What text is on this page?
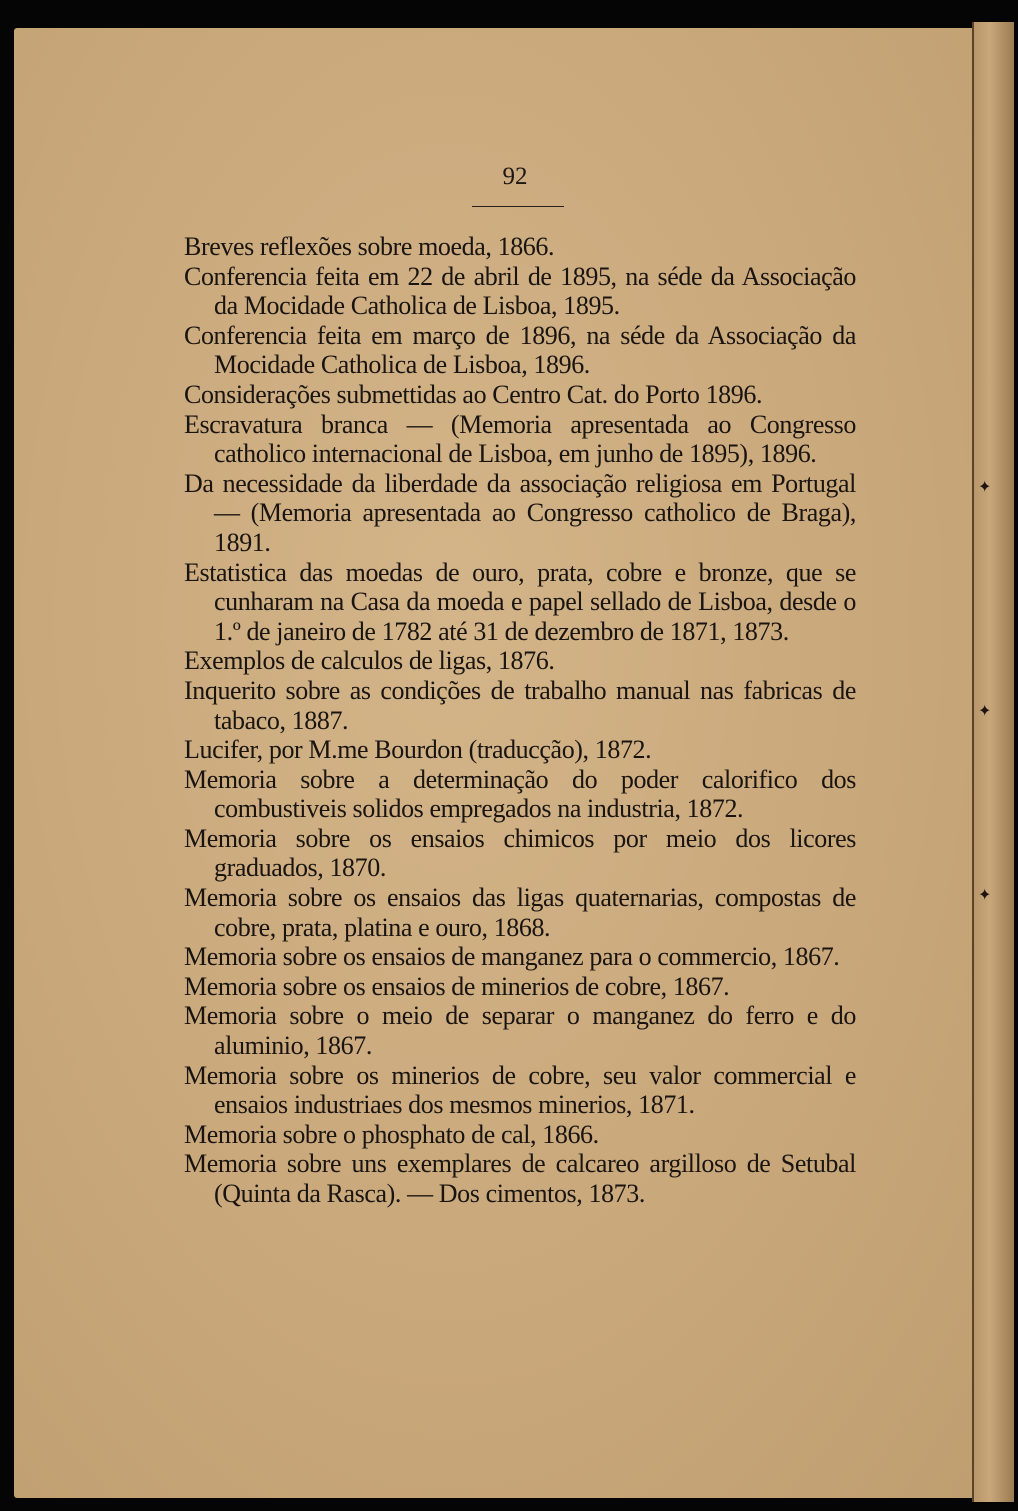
✦
✦
✦
92
Breves reflexões sobre moeda, 1866.
Conferencia feita em 22 de abril de 1895, na séde da Associação da Mocidade Catholica de Lisboa, 1895.
Conferencia feita em março de 1896, na séde da Associação da Mocidade Catholica de Lisboa, 1896.
Considerações submettidas ao Centro Cat. do Porto 1896.
Escravatura branca — (Memoria apresentada ao Congresso catholico internacional de Lisboa, em junho de 1895), 1896.
Da necessidade da liberdade da associação religiosa em Portugal — (Memoria apresentada ao Congresso catholico de Braga), 1891.
Estatistica das moedas de ouro, prata, cobre e bronze, que se cunharam na Casa da moeda e papel sellado de Lisboa, desde o 1.º de janeiro de 1782 até 31 de dezembro de 1871, 1873.
Exemplos de calculos de ligas, 1876.
Inquerito sobre as condições de trabalho manual nas fabricas de tabaco, 1887.
Lucifer, por M.me Bourdon (traducção), 1872.
Memoria sobre a determinação do poder calorifico dos combustiveis solidos empregados na industria, 1872.
Memoria sobre os ensaios chimicos por meio dos licores graduados, 1870.
Memoria sobre os ensaios das ligas quaternarias, compostas de cobre, prata, platina e ouro, 1868.
Memoria sobre os ensaios de manganez para o commercio, 1867.
Memoria sobre os ensaios de minerios de cobre, 1867.
Memoria sobre o meio de separar o manganez do ferro e do aluminio, 1867.
Memoria sobre os minerios de cobre, seu valor commercial e ensaios industriaes dos mesmos minerios, 1871.
Memoria sobre o phosphato de cal, 1866.
Memoria sobre uns exemplares de calcareo argilloso de Setubal (Quinta da Rasca). — Dos cimentos, 1873.
